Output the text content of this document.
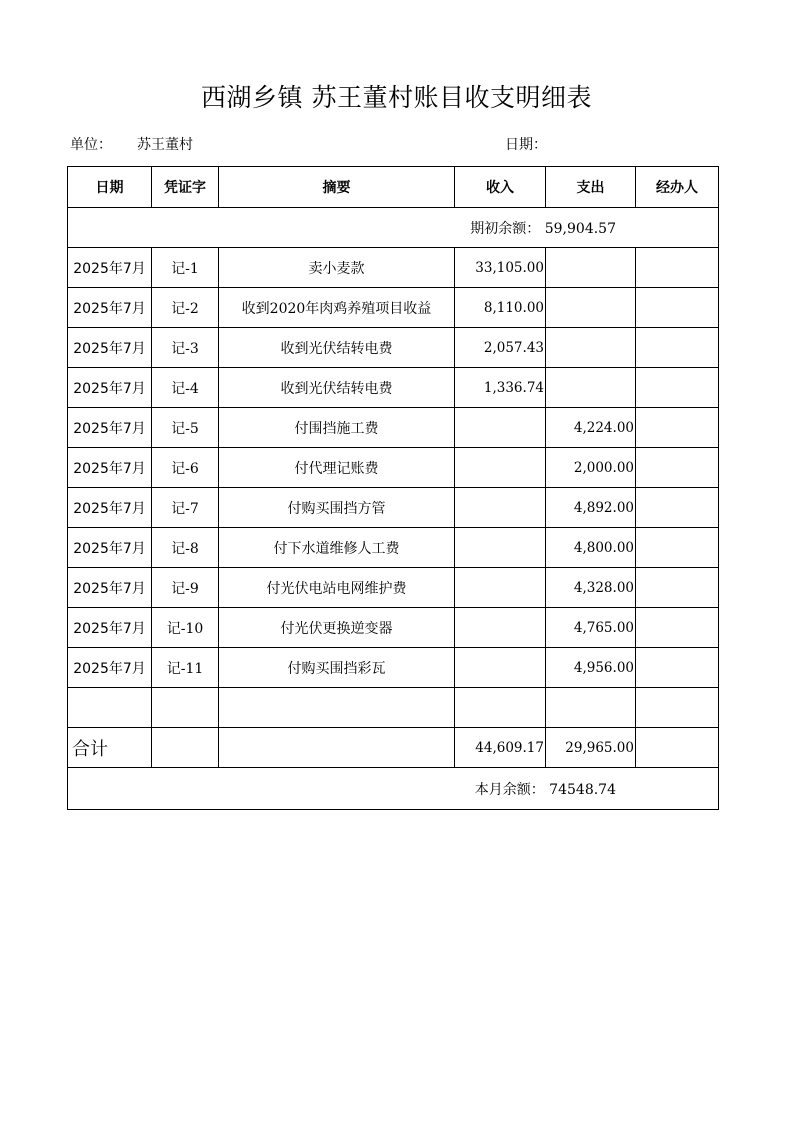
西湖乡镇 苏王董村账目收支明细表
单位： 苏王董村	日期：
日期	凭证字	摘要	收入	支出	经办人
期初余额： 59,904.57					
2025年7月	记-1	卖小麦款	33,105.00		
2025年7月	记-2	收到2020年肉鸡养殖项目收益	8,110.00		
2025年7月	记-3	收到光伏结转电费	2,057.43		
2025年7月	记-4	收到光伏结转电费	1,336.74		
2025年7月	记-5	付围挡施工费		4,224.00	
2025年7月	记-6	付代理记账费		2,000.00	
2025年7月	记-7	付购买围挡方管		4,892.00	
2025年7月	记-8	付下水道维修人工费		4,800.00	
2025年7月	记-9	付光伏电站电网维护费		4,328.00	
2025年7月	记-10	付光伏更换逆变器		4,765.00	
2025年7月	记-11	付购买围挡彩瓦		4,956.00	

合计			44,609.17	29,965.00	
本月余额： 74548.74					
